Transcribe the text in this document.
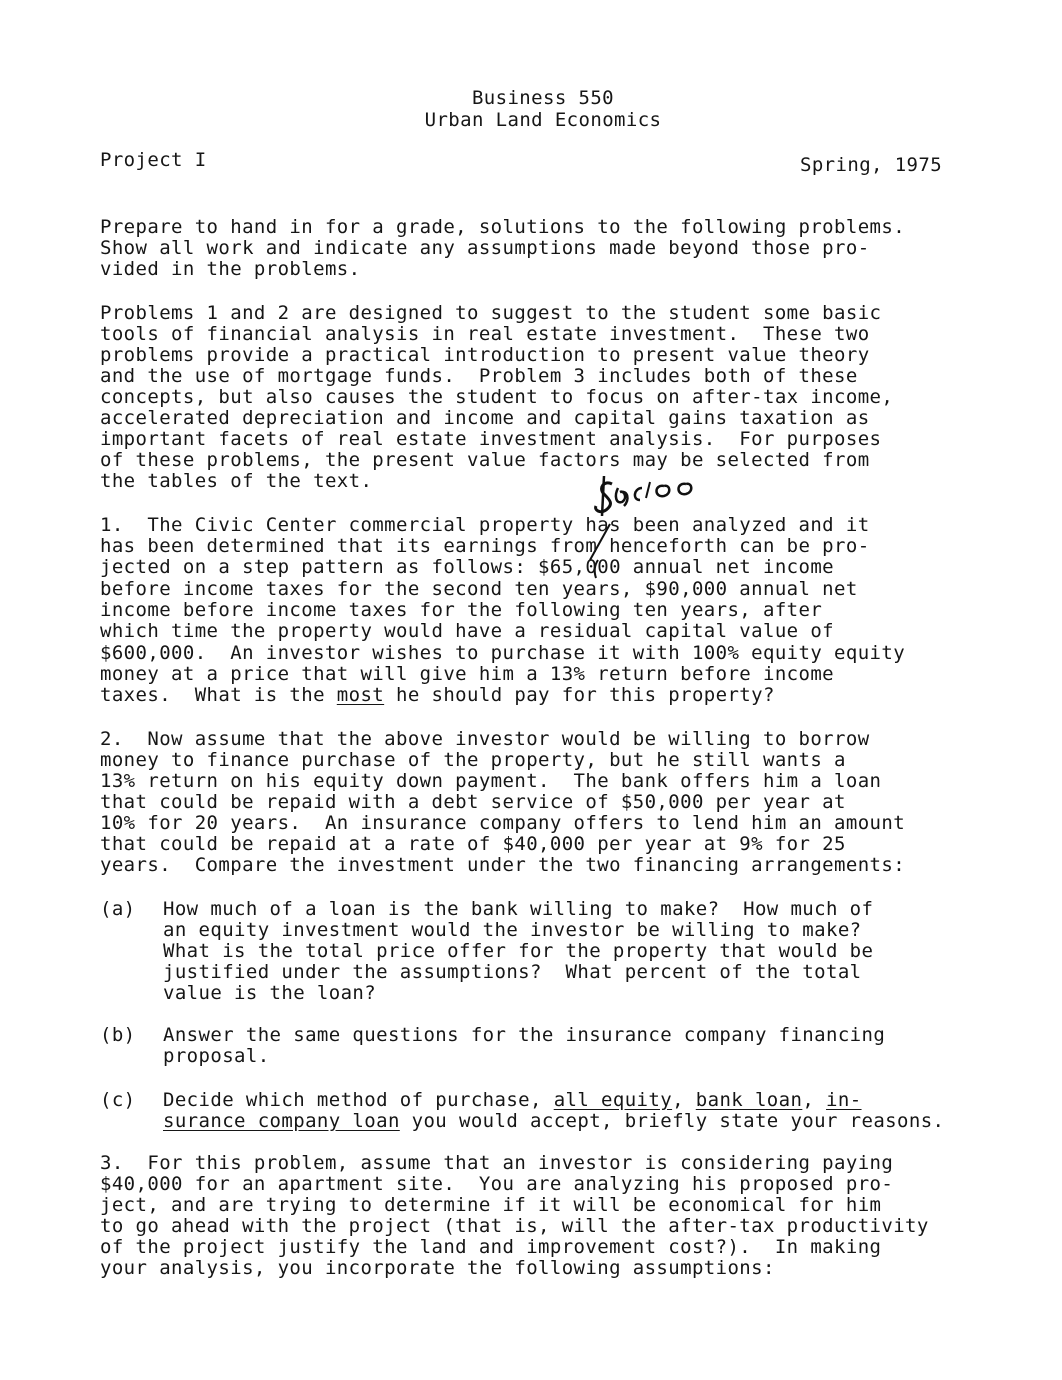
Business 550
Urban Land Economics
Project I	Spring, 1975
Prepare to hand in for a grade, solutions to the following problems.
Show all work and indicate any assumptions made beyond those pro-
vided in the problems.
Problems 1 and 2 are designed to suggest to the student some basic
tools of financial analysis in real estate investment.  These two
problems provide a practical introduction to present value theory
and the use of mortgage funds.  Problem 3 includes both of these
concepts, but also causes the student to focus on after-tax income,
accelerated depreciation and income and capital gains taxation as
important facets of real estate investment analysis.  For purposes
of these problems, the present value factors may be selected from
the tables of the text.
1.  The Civic Center commercial property has been analyzed and it
has been determined that its earnings from henceforth can be pro-
jected on a step pattern as follows: $65,000 annual net income
before income taxes for the second ten years, $90,000 annual net
income before income taxes for the following ten years, after
which time the property would have a residual capital value of
$600,000.  An investor wishes to purchase it with 100% equity equity
money at a price that will give him a 13% return before income
taxes.  What is the most he should pay for this property?
2.  Now assume that the above investor would be willing to borrow
money to finance purchase of the property, but he still wants a
13% return on his equity down payment.  The bank offers him a loan
that could be repaid with a debt service of $50,000 per year at
10% for 20 years.  An insurance company offers to lend him an amount
that could be repaid at a rate of $40,000 per year at 9% for 25
years.  Compare the investment under the two financing arrangements:
(a) How much of a loan is the bank willing to make?  How much of
an equity investment would the investor be willing to make?
What is the total price offer for the property that would be
justified under the assumptions?  What percent of the total
value is the loan?
(b) Answer the same questions for the insurance company financing
proposal.
(c) Decide which method of purchase, all equity, bank loan, in-
surance company loan you would accept, briefly state your reasons.
3.  For this problem, assume that an investor is considering paying
$40,000 for an apartment site.  You are analyzing his proposed pro-
ject, and are trying to determine if it will be economical for him
to go ahead with the project (that is, will the after-tax productivity
of the project justify the land and improvement cost?).  In making
your analysis, you incorporate the following assumptions:
